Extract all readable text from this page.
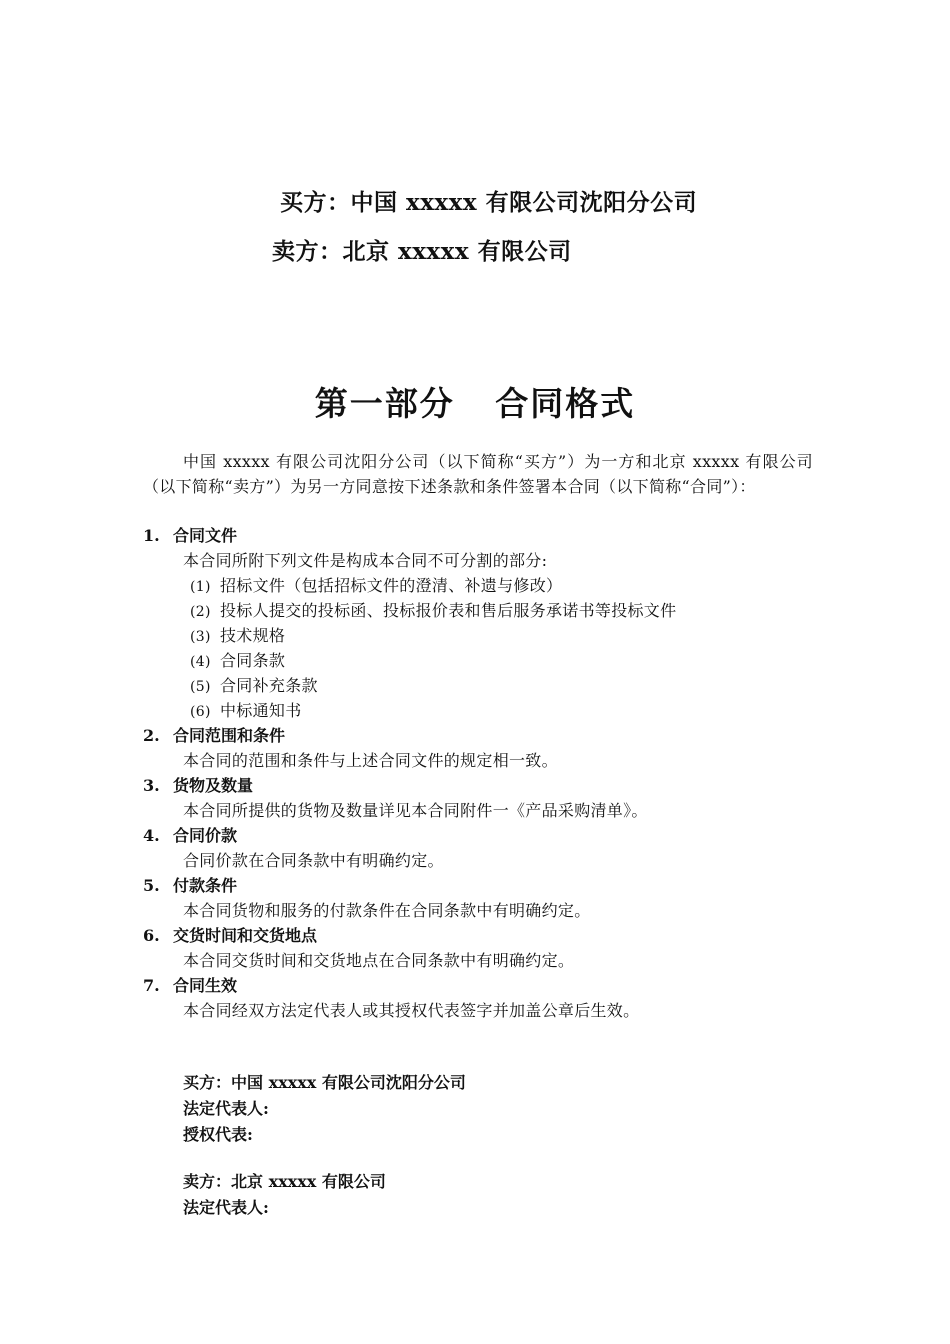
买方：中国 xxxxx 有限公司沈阳分公司
卖方：北京 xxxxx 有限公司
第一部分   合同格式
中国 xxxxx 有限公司沈阳分公司（以下简称“买方”）为一方和北京 xxxxx 有限公司（以下简称“卖方”）为另一方同意按下述条款和条件签署本合同（以下简称“合同”）：
1. 合同文件
本合同所附下列文件是构成本合同不可分割的部分:
(1) 招标文件（包括招标文件的澄清、补遗与修改）
(2) 投标人提交的投标函、投标报价表和售后服务承诺书等投标文件
(3) 技术规格
(4) 合同条款
(5) 合同补充条款
(6) 中标通知书
2. 合同范围和条件
本合同的范围和条件与上述合同文件的规定相一致。
3. 货物及数量
本合同所提供的货物及数量详见本合同附件一《产品采购清单》。
4. 合同价款
合同价款在合同条款中有明确约定。
5. 付款条件
本合同货物和服务的付款条件在合同条款中有明确约定。
6. 交货时间和交货地点
本合同交货时间和交货地点在合同条款中有明确约定。
7. 合同生效
本合同经双方法定代表人或其授权代表签字并加盖公章后生效。
买方：中国 xxxxx 有限公司沈阳分公司
法定代表人:
授权代表:
卖方：北京 xxxxx 有限公司
法定代表人:
